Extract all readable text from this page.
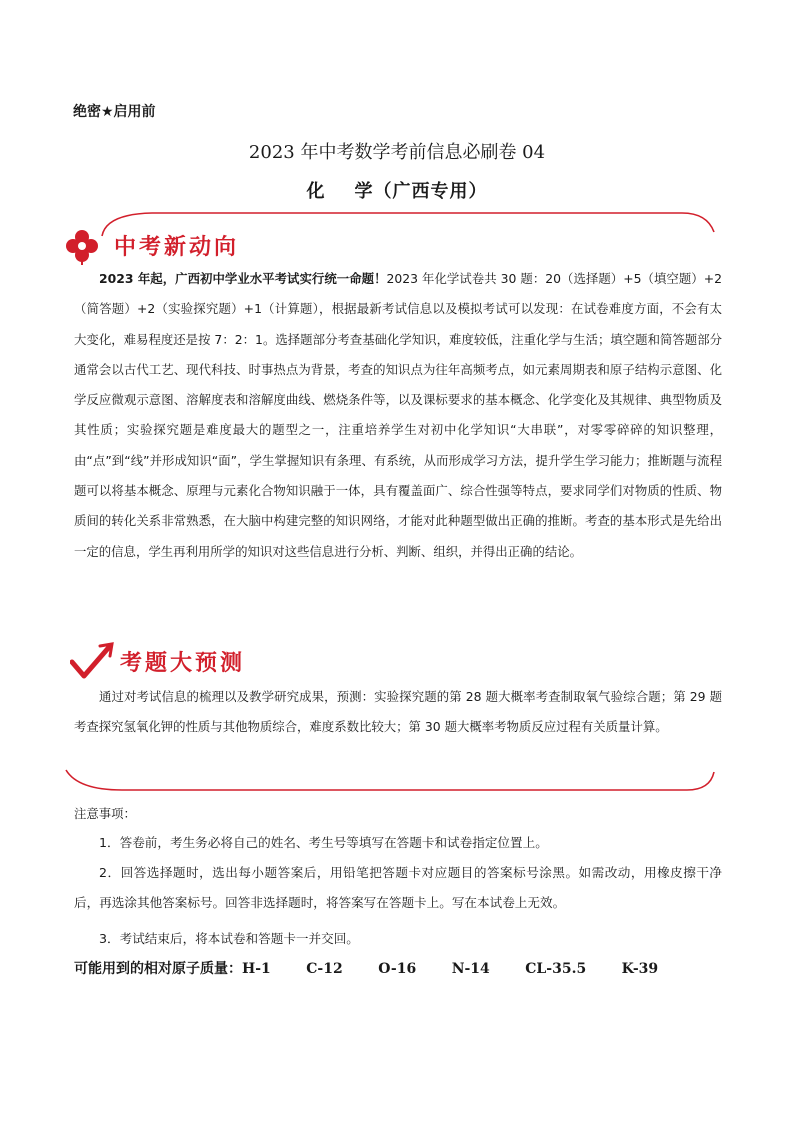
绝密★启用前
2023 年中考数学考前信息必刷卷 04
化    学（广西专用）
中考新动向
2023 年起，广西初中学业水平考试实行统一命题！2023 年化学试卷共 30 题：20（选择题）+5（填空题）+2（简答题）+2（实验探究题）+1（计算题），根据最新考试信息以及模拟考试可以发现：在试卷难度方面，不会有太大变化，难易程度还是按 7：2：1。选择题部分考查基础化学知识，难度较低，注重化学与生活；填空题和简答题部分通常会以古代工艺、现代科技、时事热点为背景，考查的知识点为往年高频考点，如元素周期表和原子结构示意图、化学反应微观示意图、溶解度表和溶解度曲线、燃烧条件等，以及课标要求的基本概念、化学变化及其规律、典型物质及其性质；实验探究题是难度最大的题型之一，注重培养学生对初中化学知识“大串联”，对零零碎碎的知识整理，由“点”到“线”并形成知识“面”，学生掌握知识有条理、有系统，从而形成学习方法，提升学生学习能力；推断题与流程题可以将基本概念、原理与元素化合物知识融于一体，具有覆盖面广、综合性强等特点，要求同学们对物质的性质、物质间的转化关系非常熟悉，在大脑中构建完整的知识网络，才能对此种题型做出正确的推断。考查的基本形式是先给出一定的信息，学生再利用所学的知识对这些信息进行分析、判断、组织，并得出正确的结论。
考题大预测
通过对考试信息的梳理以及教学研究成果，预测：实验探究题的第 28 题大概率考查制取氧气验综合题；第 29 题考查探究氢氧化钾的性质与其他物质综合，难度系数比较大；第 30 题大概率考物质反应过程有关质量计算。
注意事项：
1．答卷前，考生务必将自己的姓名、考生号等填写在答题卡和试卷指定位置上。
2．回答选择题时，选出每小题答案后，用铅笔把答题卡对应题目的答案标号涂黑。如需改动，用橡皮擦干净后，再选涂其他答案标号。回答非选择题时，将答案写在答题卡上。写在本试卷上无效。
3．考试结束后，将本试卷和答题卡一并交回。
可能用到的相对原子质量：H-1    C-12    O-16    N-14    CL-35.5    K-39
